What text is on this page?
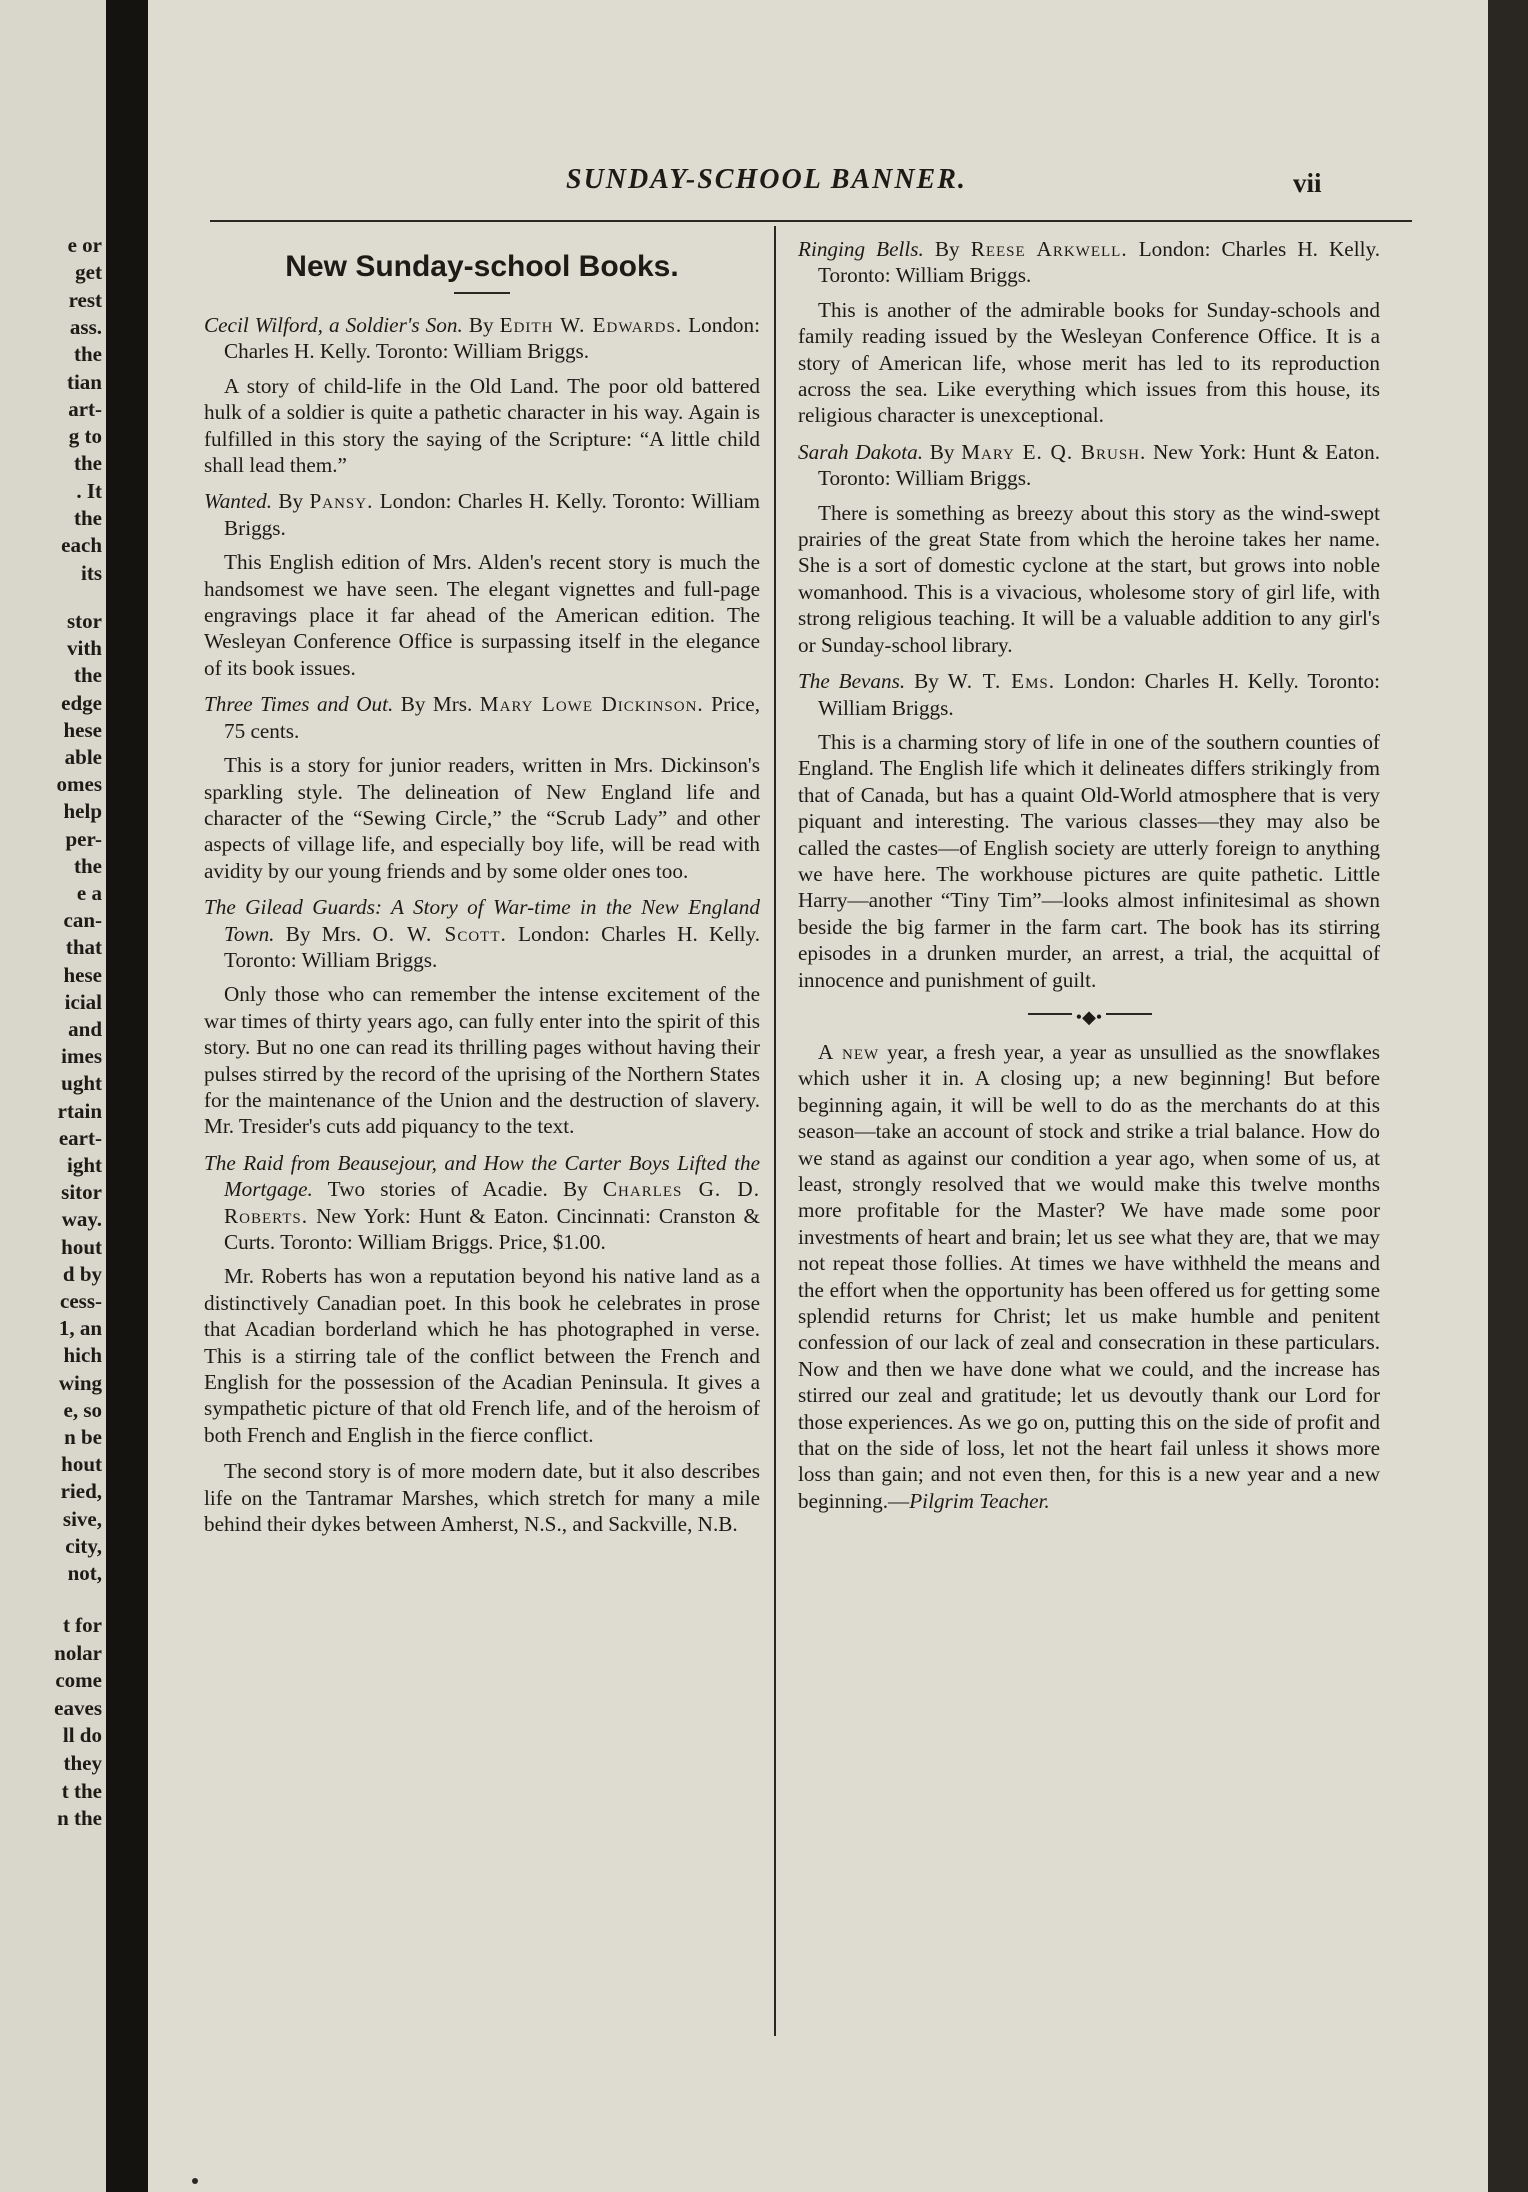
e or
get
rest
ass.
the
tian
art-
g to
the
. It
the
each
its
stor
vith
the
edge
hese
able
omes
help
per-
the
e a
can-
that
hese
icial
and
imes
ught
rtain
eart-
ight
sitor
way.
hout
d by
cess-
1, an
hich
wing
e, so
n be
hout
ried,
sive,
city,
not,
t for
nolar
come
eaves
ll do
they
t the
n the
SUNDAY-SCHOOL BANNER.	vii
New Sunday-school Books.

Cecil Wilford, a Soldier's Son. By Edith W. Edwards. London: Charles H. Kelly. Toronto: William Briggs.

A story of child-life in the Old Land. The poor old battered hulk of a soldier is quite a pathetic character in his way. Again is fulfilled in this story the saying of the Scripture: “A little child shall lead them.”

Wanted. By Pansy. London: Charles H. Kelly. Toronto: William Briggs.

This English edition of Mrs. Alden's recent story is much the handsomest we have seen. The elegant vignettes and full-page engravings place it far ahead of the American edition. The Wesleyan Conference Office is surpassing itself in the elegance of its book issues.

Three Times and Out. By Mrs. Mary Lowe Dickinson. Price, 75 cents.

This is a story for junior readers, written in Mrs. Dickinson's sparkling style. The delineation of New England life and character of the “Sewing Circle,” the “Scrub Lady” and other aspects of village life, and especially boy life, will be read with avidity by our young friends and by some older ones too.

The Gilead Guards: A Story of War-time in the New England Town. By Mrs. O. W. Scott. London: Charles H. Kelly. Toronto: William Briggs.

Only those who can remember the intense excitement of the war times of thirty years ago, can fully enter into the spirit of this story. But no one can read its thrilling pages without having their pulses stirred by the record of the uprising of the Northern States for the maintenance of the Union and the destruction of slavery. Mr. Tresider's cuts add piquancy to the text.

The Raid from Beausejour, and How the Carter Boys Lifted the Mortgage. Two stories of Acadie. By Charles G. D. Roberts. New York: Hunt & Eaton. Cincinnati: Cranston & Curts. Toronto: William Briggs. Price, $1.00.

Mr. Roberts has won a reputation beyond his native land as a distinctively Canadian poet. In this book he celebrates in prose that Acadian borderland which he has photographed in verse. This is a stirring tale of the conflict between the French and English for the possession of the Acadian Peninsula. It gives a sympathetic picture of that old French life, and of the heroism of both French and English in the fierce conflict.

The second story is of more modern date, but it also describes life on the Tantramar Marshes, which stretch for many a mile behind their dykes between Amherst, N.S., and Sackville, N.B.

Ringing Bells. By Reese Arkwell. London: Charles H. Kelly. Toronto: William Briggs.

This is another of the admirable books for Sunday-schools and family reading issued by the Wesleyan Conference Office. It is a story of American life, whose merit has led to its reproduction across the sea. Like everything which issues from this house, its religious character is unexceptional.

Sarah Dakota. By Mary E. Q. Brush. New York: Hunt & Eaton. Toronto: William Briggs.

There is something as breezy about this story as the wind-swept prairies of the great State from which the heroine takes her name. She is a sort of domestic cyclone at the start, but grows into noble womanhood. This is a vivacious, wholesome story of girl life, with strong religious teaching. It will be a valuable addition to any girl's or Sunday-school library.

The Bevans. By W. T. Ems. London: Charles H. Kelly. Toronto: William Briggs.

This is a charming story of life in one of the southern counties of England. The English life which it delineates differs strikingly from that of Canada, but has a quaint Old-World atmosphere that is very piquant and interesting. The various classes—they may also be called the castes—of English society are utterly foreign to anything we have here. The workhouse pictures are quite pathetic. Little Harry—another “Tiny Tim”—looks almost infinitesimal as shown beside the big farmer in the farm cart. The book has its stirring episodes in a drunken murder, an arrest, a trial, the acquittal of innocence and punishment of guilt.

•◆•

A new year, a fresh year, a year as unsullied as the snowflakes which usher it in. A closing up; a new beginning! But before beginning again, it will be well to do as the merchants do at this season—take an account of stock and strike a trial balance. How do we stand as against our condition a year ago, when some of us, at least, strongly resolved that we would make this twelve months more profitable for the Master? We have made some poor investments of heart and brain; let us see what they are, that we may not repeat those follies. At times we have withheld the means and the effort when the opportunity has been offered us for getting some splendid returns for Christ; let us make humble and penitent confession of our lack of zeal and consecration in these particulars. Now and then we have done what we could, and the increase has stirred our zeal and gratitude; let us devoutly thank our Lord for those experiences. As we go on, putting this on the side of profit and that on the side of loss, let not the heart fail unless it shows more loss than gain; and not even then, for this is a new year and a new beginning.—Pilgrim Teacher.
